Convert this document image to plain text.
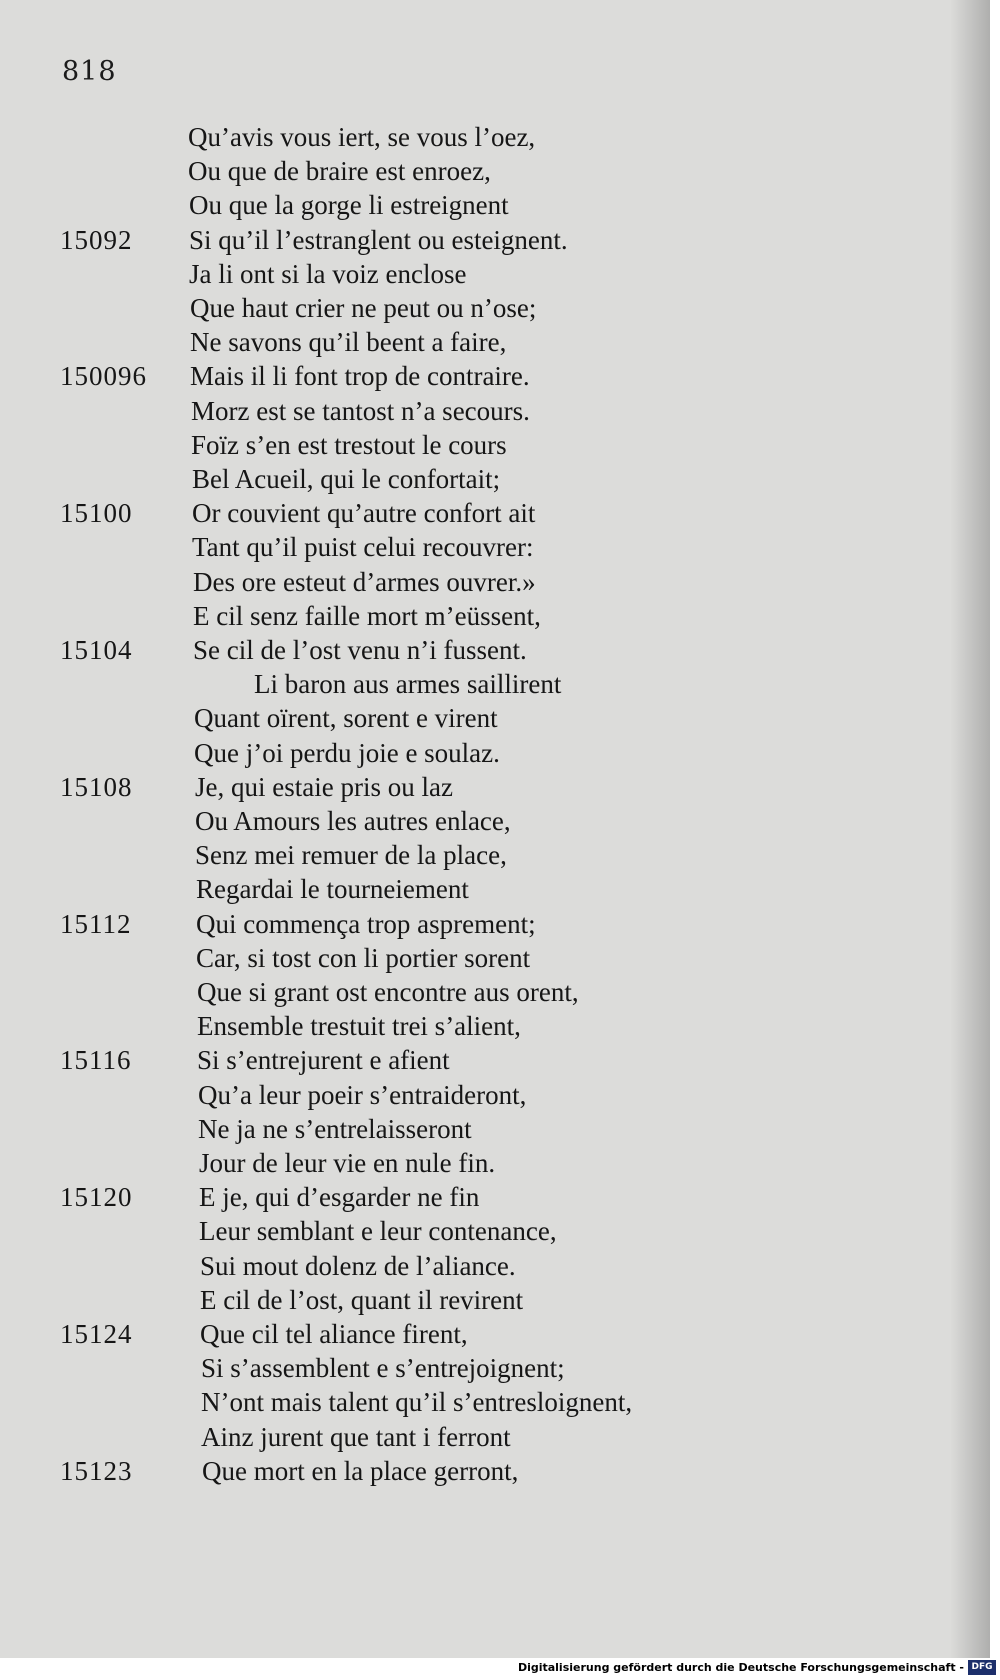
818
Qu’avis vous iert, se vous l’oez,
Ou que de braire est enroez,
Ou que la gorge li estreignent
15092	Si qu’il l’estranglent ou esteignent.
Ja li ont si la voiz enclose
Que haut crier ne peut ou n’ose;
Ne savons qu’il beent a faire,
150096	Mais il li font trop de contraire.
Morz est se tantost n’a secours.
Foïz s’en est trestout le cours
Bel Acueil, qui le confortait;
15100	Or couvient qu’autre confort ait
Tant qu’il puist celui recouvrer:
Des ore esteut d’armes ouvrer.»
E cil senz faille mort m’eüssent,
15104	Se cil de l’ost venu n’i fussent.
Li baron aus armes saillirent
Quant oïrent, sorent e virent
Que j’oi perdu joie e soulaz.
15108	Je, qui estaie pris ou laz
Ou Amours les autres enlace,
Senz mei remuer de la place,
Regardai le tourneiement
15112	Qui commença trop asprement;
Car, si tost con li portier sorent
Que si grant ost encontre aus orent,
Ensemble trestuit trei s’alient,
15116	Si s’entrejurent e afient
Qu’a leur poeir s’entraideront,
Ne ja ne s’entrelaisseront
Jour de leur vie en nule fin.
15120	E je, qui d’esgarder ne fin
Leur semblant e leur contenance,
Sui mout dolenz de l’aliance.
E cil de l’ost, quant il revirent
15124	Que cil tel aliance firent,
Si s’assemblent e s’entrejoignent;
N’ont mais talent qu’il s’entresloignent,
Ainz jurent que tant i ferront
15123	Que mort en la place gerront,
Digitalisierung gefördert durch die Deutsche Forschungsgemeinschaft - DFG
